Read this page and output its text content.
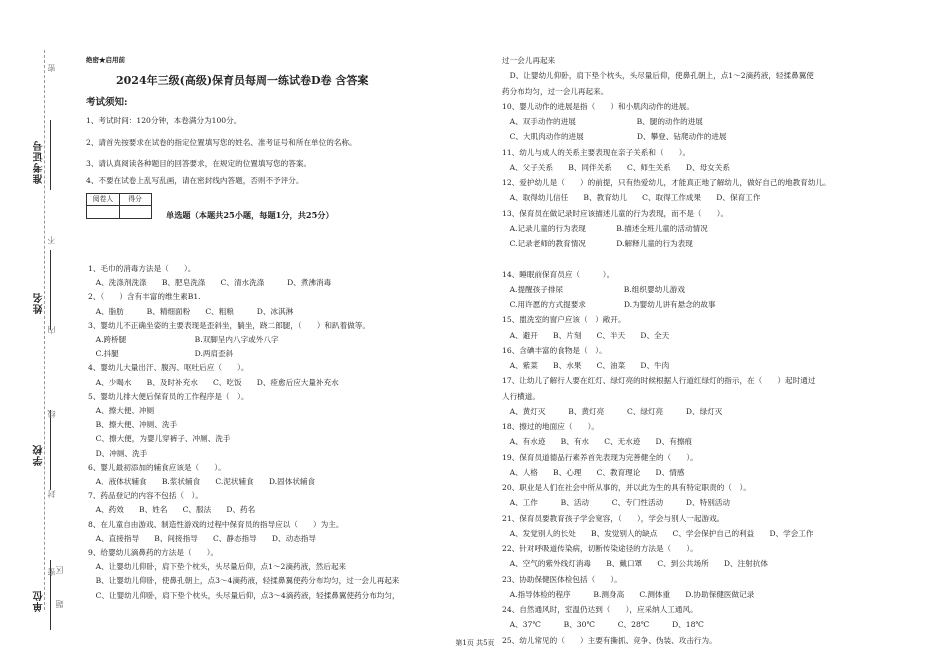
准考证号
姓名
学校
单位
密
不
内
线
封
密
题
区
绝密★启用前
2024年三级(高级)保育员每周一练试卷D卷 含答案
考试须知:
1、考试时间：120分钟，本卷满分为100分。
2、请首先按要求在试卷的指定位置填写您的姓名、准考证号和所在单位的名称。
3、请认真阅读各种题目的回答要求，在规定的位置填写您的答案。
4、不要在试卷上乱写乱画，请在密封线内答题，否则不予评分。
阅卷人	得分
单选题（本题共25小题，每题1分，共25分）
1、毛巾的消毒方法是（　　）。
　A、洗涤剂洗涤　　B、肥皂洗涤　　C、清水洗涤　　　D、煮沸消毒
2、（　　）含有丰富的维生素B1.
　A、脂肪　　　B、精细面粉　　C、粗粮　　　D、冰淇淋
3、婴幼儿不正确坐姿的主要表现是歪斜坐，躺坐，跷二郎腿，（　　）和趴着做等。
　A.跨桥腿　　　　　　　　　B.双脚呈内八字或外八字
　C.抖腿　　　　　　　　　　D.两肩歪斜
4、婴幼儿大量出汗、腹泻、呕吐后应（　　）。
　A、少喝水　　B、及时补充水　　C、吃饭　　D、痊愈后应大量补充水
5、婴幼儿排大便后保育员的工作程序是（　）。
　A、擦大便、冲厕
　B、擦大便、冲厕、洗手
　C、擦大便，为婴儿穿裤子、冲厕、洗手
　D、冲厕、洗手
6、婴儿最初添加的辅食应该是（　　）。
　A．液体状辅食　　B.浆状辅食　　C.泥状辅食　　D.固体状辅食
7、药品登记的内容不包括（　）。
　A、药效　　B、姓名　　C、服法　　D、药名
8、在儿童自由游戏、制造性游戏的过程中保育员的指导应以（　　）为主。
　A、直接指导　　B、间接指导　　C、静态指导　　D、动态指导
9、给婴幼儿滴鼻药的方法是（　　）。
　A、让婴幼儿仰卧，肩下垫个枕头，头尽量后仰，点1～2滴药液，然后起来
　B、让婴幼儿仰卧，使鼻孔朝上，点3～4滴药液，轻揉鼻翼使药分布均匀，过一会儿再起来
　C、让婴幼儿仰卧，肩下垫个枕头，头尽量后仰，点3～4滴药液，轻揉鼻翼使药分布均匀，
过一会儿再起来
　D、让婴幼儿仰卧，肩下垫个枕头，头尽量后仰，使鼻孔朝上，点1～2滴药液，轻揉鼻翼使
药分布均匀，过一会儿再起来。
10、婴儿动作的进展是指（　　）和小肌肉动作的进展。
　A、双手动作的进展　　　　　　　　B、腿的动作的进展
　C、大肌肉动作的进展　　　　　　　D、攀登、钻爬动作的进展
11、幼儿与成人的关系主要表现在亲子关系和（　　）。
　A、父子关系　　B、同伴关系　　C、师生关系　　D、母女关系
12、爱护幼儿是（　　）的前提，只有热爱幼儿，才能真正地了解幼儿，做好自己的地教育幼儿。
　A、取得幼儿信任　　B、教育幼儿　　C、取得工作成果　　D、保育工作
13、保育员在做记录时应该描述儿童的行为表现，而不是（　　）。
　A.记录儿童的行为表现　　　　B.描述全班儿童的活动情况
　C.记录老师的教育情况　　　　D.解释儿童的行为表现
14、睡眠前保育员应（　　　）。
　A.提醒孩子排尿　　　　　　　　B.组织婴幼儿游戏
　C.用许愿的方式提要求　　　　　D.为婴幼儿讲有悬念的故事
15、盥洗室的窗户应该（　）敞开。
　A、避开　　B、片刻　　C、半天　　D、全天
16、含碘丰富的食物是（　）。
　A、紫菜　　B、水果　　C、油菜　　D、牛肉
17、让幼儿了解行人要在红灯、绿灯亮的时候根据人行道红绿灯的指示，在（　　）起时通过
人行横道。
　A、黄灯灭　　　B、黄灯亮　　　C、绿灯亮　　　D、绿灯灭
18、擦过的地面应（　　）。
　A、有水迹　　B、有水　　C、无水迹　　D、有擦痕
19、保育员道德品行素养首先表现为完善健全的（　　）。
　A、人格　　B、心理　　C、教育理论　　D、情感
20、职业是人们在社会中所从事的，并以此为生的具有特定职责的（　）。
　A、工作　　　B、活动　　　C、专门性活动　　　D、特别活动
21、保育员要教育孩子学会宽容，（　　），学会与别人一起游戏。
　A、发觉别人的长处　　B、发觉别人的缺点　　C、学会保护自己的利益　　D、学会工作
22、针对呼吸道传染病，切断传染途径的方法是（　　）。
　A、空气的紫外线灯消毒　　B、戴口罩　　C、到公共场所　　D、注射抗体
23、协助保健医体检包括（　　）。
　A.指导体检的程序　　　B.测身高　　C.测体重　　D.协助保健医做记录
24、自然通风时，室温仍达到（　　），应采纳人工通风。
　A、37℃　　　B、30℃　　　C、28℃　　　D、18℃
25、幼儿常见的（　　）主要有撕抓、竞争、伪装、攻击行为。
第1页 共5页
